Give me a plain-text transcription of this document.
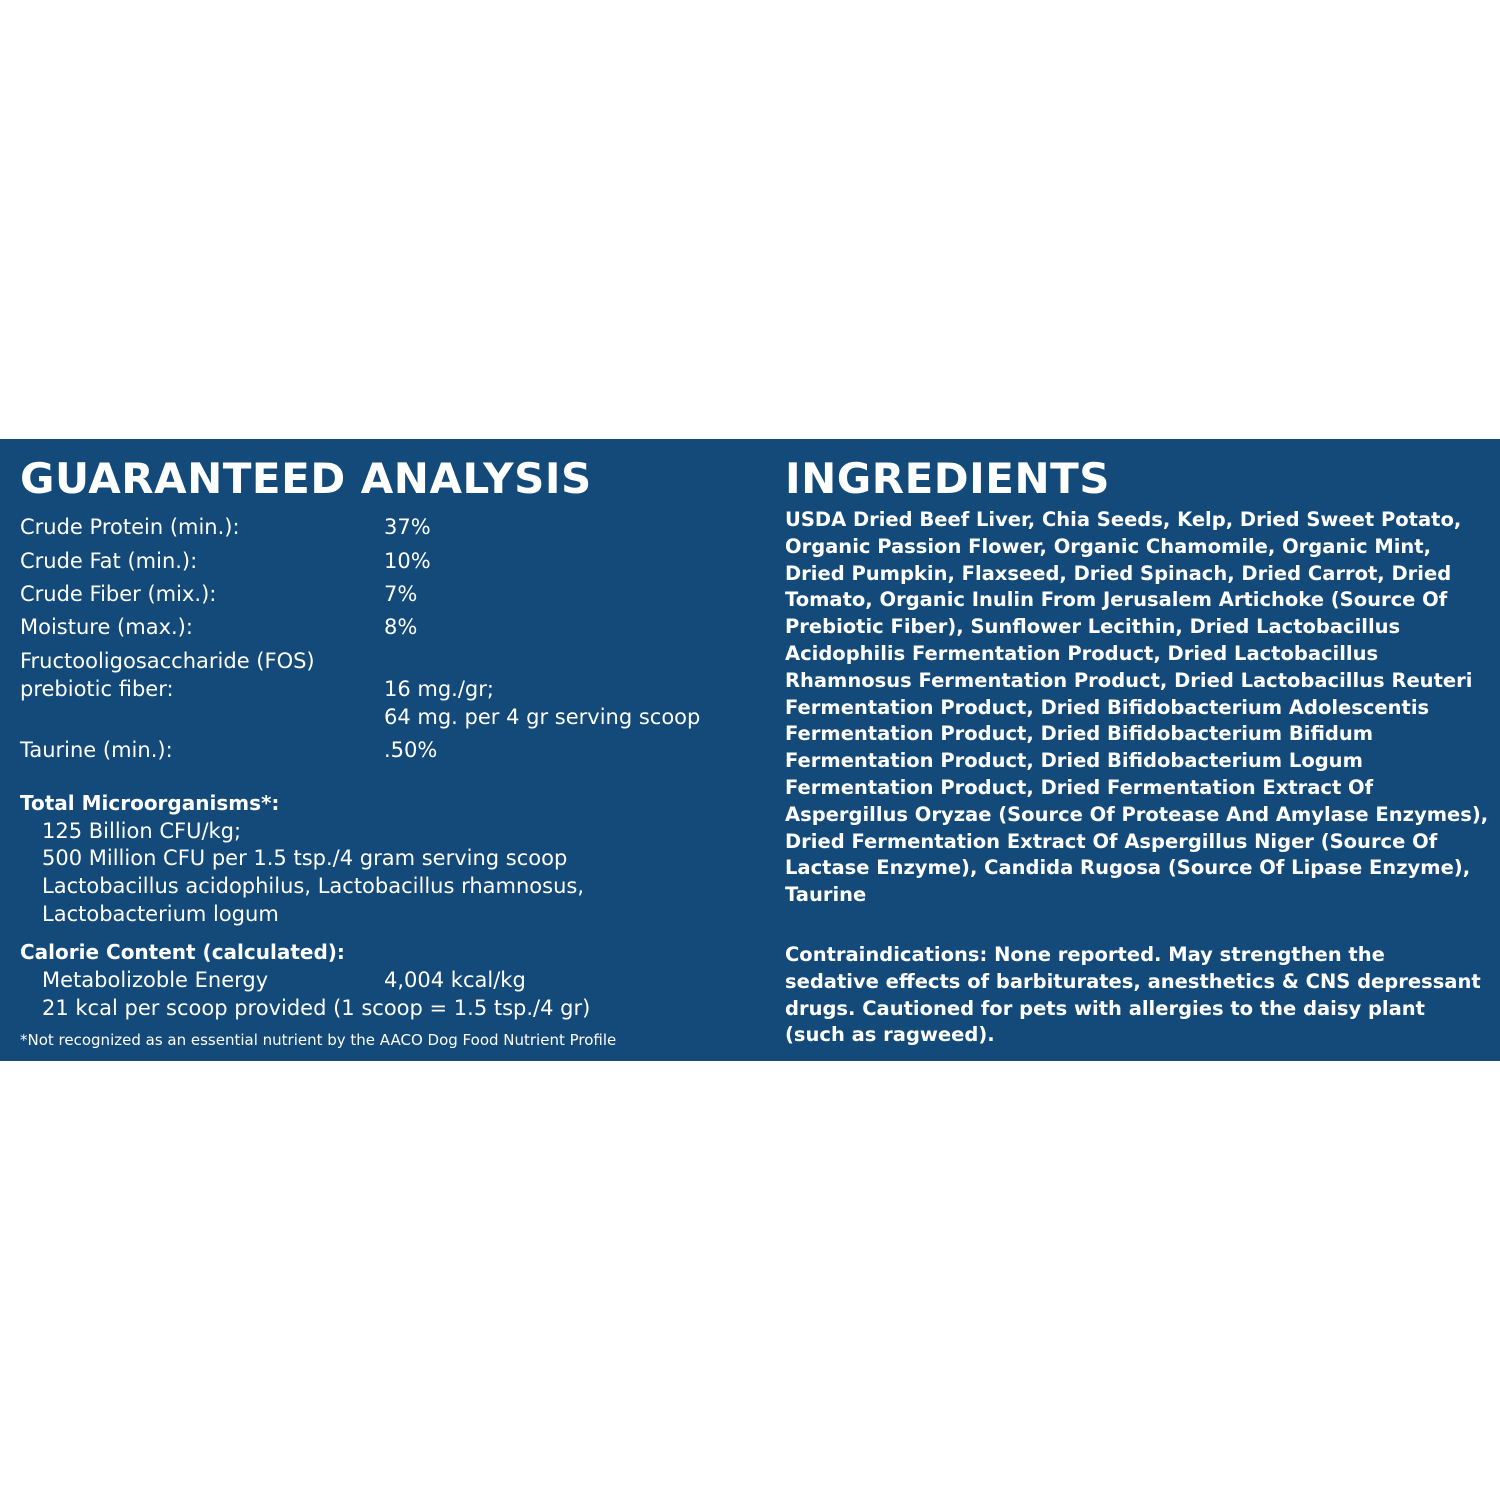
GUARANTEED ANALYSIS
Crude Protein (min.):	37%
Crude Fat (min.):	10%
Crude Fiber (mix.):	7%
Moisture (max.):	8%
Fructooligosaccharide (FOS)
prebiotic fiber:	16 mg./gr;
64 mg. per 4 gr serving scoop
Taurine (min.):	.50%
Total Microorganisms*:
125 Billion CFU/kg;
500 Million CFU per 1.5 tsp./4 gram serving scoop
Lactobacillus acidophilus, Lactobacillus rhamnosus,
Lactobacterium logum
Calorie Content (calculated):
Metabolizoble Energy	4,004 kcal/kg
21 kcal per scoop provided (1 scoop = 1.5 tsp./4 gr)
*Not recognized as an essential nutrient by the AACO Dog Food Nutrient Profile
INGREDIENTS

USDA Dried Beef Liver, Chia Seeds, Kelp, Dried Sweet Potato, Organic Passion Flower, Organic Chamomile, Organic Mint, Dried Pumpkin, Flaxseed, Dried Spinach, Dried Carrot, Dried Tomato, Organic Inulin From Jerusalem Artichoke (Source Of Prebiotic Fiber), Sunflower Lecithin, Dried Lactobacillus Acidophilis Fermentation Product, Dried Lactobacillus Rhamnosus Fermentation Product, Dried Lactobacillus Reuteri Fermentation Product, Dried Bifidobacterium Adolescentis Fermentation Product, Dried Bifidobacterium Bifidum Fermentation Product, Dried Bifidobacterium Logum Fermentation Product, Dried Fermentation Extract Of Aspergillus Oryzae (Source Of Protease And Amylase Enzymes), Dried Fermentation Extract Of Aspergillus Niger (Source Of Lactase Enzyme), Candida Rugosa (Source Of Lipase Enzyme), Taurine

Contraindications: None reported. May strengthen the sedative effects of barbiturates, anesthetics & CNS depressant drugs. Cautioned for pets with allergies to the daisy plant (such as ragweed).
